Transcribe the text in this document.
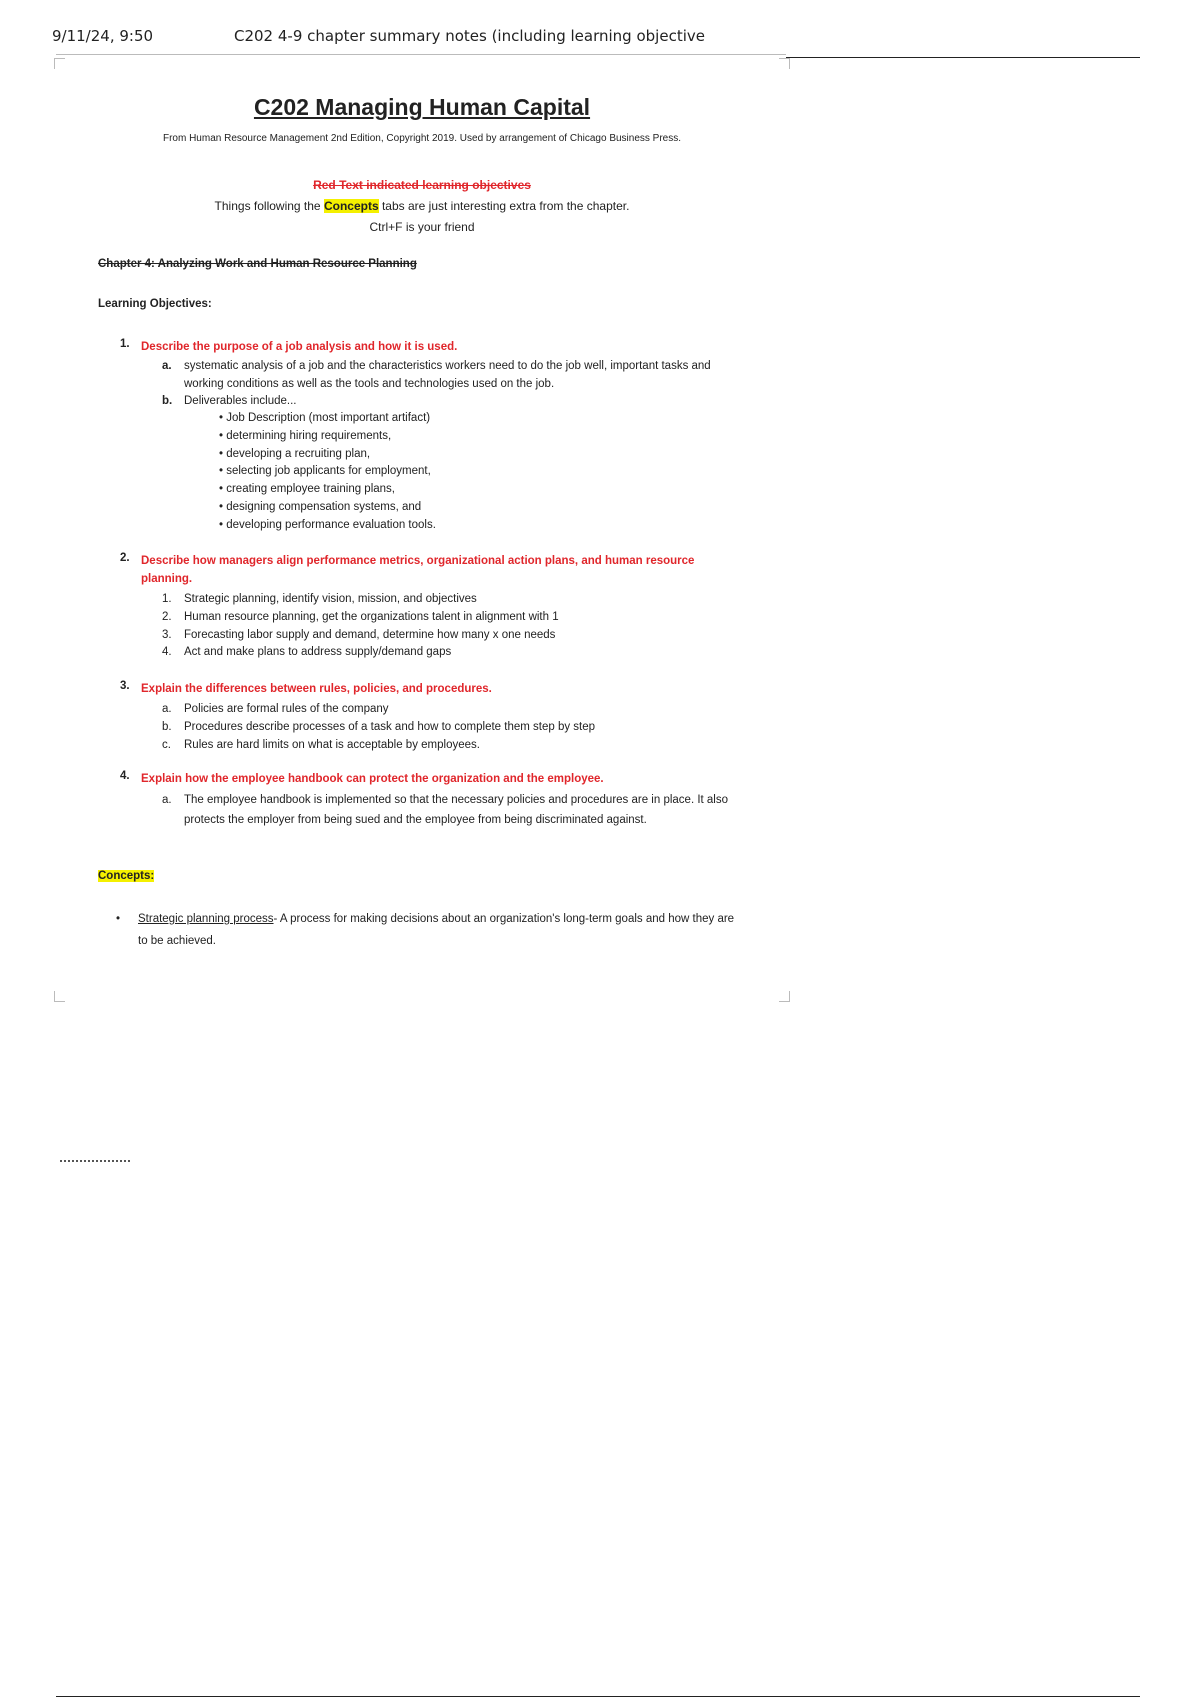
9/11/24, 9:50	C202 4-9 chapter summary notes (including learning objective
C202 Managing Human Capital
From Human Resource Management 2nd Edition, Copyright 2019. Used by arrangement of Chicago Business Press.
Red Text indicated learning objectives
Things following the Concepts tabs are just interesting extra from the chapter.
Ctrl+F is your friend
Chapter 4: Analyzing Work and Human Resource Planning
Learning Objectives:
1. Describe the purpose of a job analysis and how it is used.
a. systematic analysis of a job and the characteristics workers need to do the job well, important tasks and working conditions as well as the tools and technologies used on the job.
b. Deliverables include...
• Job Description (most important artifact)
• determining hiring requirements,
• developing a recruiting plan,
• selecting job applicants for employment,
• creating employee training plans,
• designing compensation systems, and
• developing performance evaluation tools.
2. Describe how managers align performance metrics, organizational action plans, and human resource planning.
1. Strategic planning, identify vision, mission, and objectives
2. Human resource planning, get the organizations talent in alignment with 1
3. Forecasting labor supply and demand, determine how many x one needs
4. Act and make plans to address supply/demand gaps
3. Explain the differences between rules, policies, and procedures.
a. Policies are formal rules of the company
b. Procedures describe processes of a task and how to complete them step by step
c. Rules are hard limits on what is acceptable by employees.
4. Explain how the employee handbook can protect the organization and the employee.
a. The employee handbook is implemented so that the necessary policies and procedures are in place. It also protects the employer from being sued and the employee from being discriminated against.
Concepts:
• Strategic planning process- A process for making decisions about an organization's long-term goals and how they are to be achieved.
